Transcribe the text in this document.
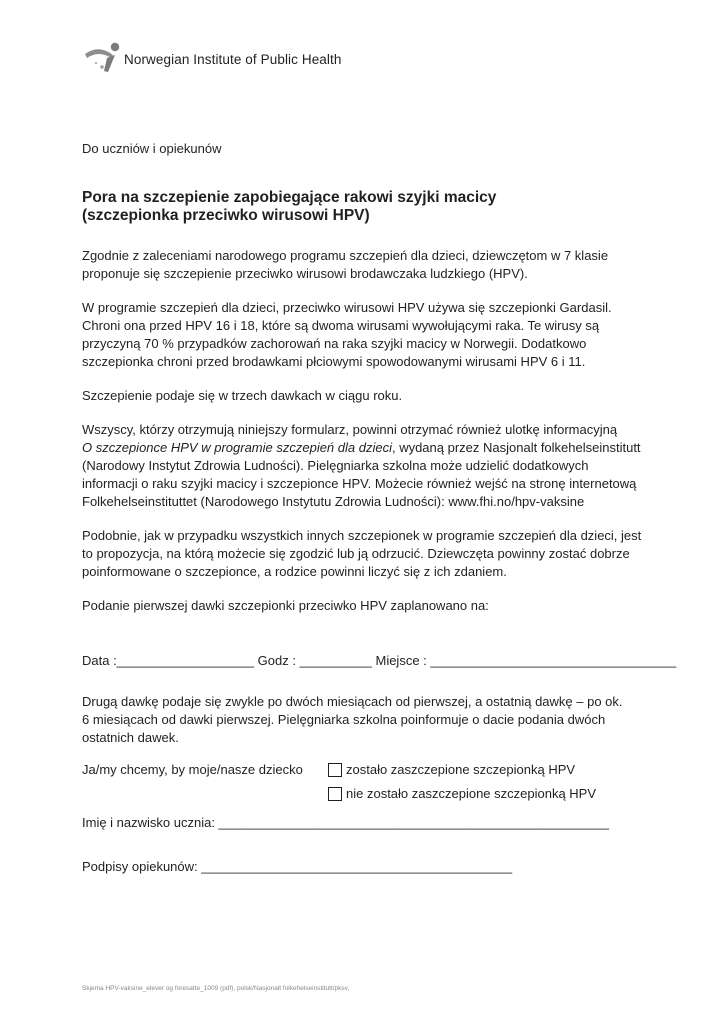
Norwegian Institute of Public Health
Do uczniów i opiekunów
Pora na szczepienie zapobiegające rakowi szyjki macicy
(szczepionka przeciwko wirusowi HPV)
Zgodnie z zaleceniami narodowego programu szczepień dla dzieci, dziewczętom w 7 klasie
proponuje się szczepienie przeciwko wirusowi brodawczaka ludzkiego (HPV).
W programie szczepień dla dzieci, przeciwko wirusowi HPV używa się szczepionki Gardasil.
Chroni ona przed HPV 16 i 18, które są dwoma wirusami wywołującymi raka. Te wirusy są
przyczyną 70 % przypadków zachorowań na raka szyjki macicy w Norwegii. Dodatkowo
szczepionka chroni przed brodawkami płciowymi spowodowanymi wirusami HPV 6 i 11.
Szczepienie podaje się w trzech dawkach w ciągu roku.
Wszyscy, którzy otrzymują niniejszy formularz, powinni otrzymać również ulotkę informacyjną
O szczepionce HPV w programie szczepień dla dzieci, wydaną przez Nasjonalt folkehelseinstitutt
(Narodowy Instytut Zdrowia Ludności). Pielęgniarka szkolna może udzielić dodatkowych
informacji o raku szyjki macicy i szczepionce HPV. Możecie również wejść na stronę internetową
Folkehelseinstituttet (Narodowego Instytutu Zdrowia Ludności): www.fhi.no/hpv-vaksine
Podobnie, jak w przypadku wszystkich innych szczepionek w programie szczepień dla dzieci, jest
to propozycja, na którą możecie się zgodzić lub ją odrzucić. Dziewczęta powinny zostać dobrze
poinformowane o szczepionce, a rodzice powinni liczyć się z ich zdaniem.
Podanie pierwszej dawki szczepionki przeciwko HPV zaplanowano na:
Data :___________________ Godz : __________ Miejsce : __________________________________
Drugą dawkę podaje się zwykle po dwóch miesiącach od pierwszej, a ostatnią dawkę – po ok.
6 miesiącach od dawki pierwszej. Pielęgniarka szkolna poinformuje o dacie podania dwóch
ostatnich dawek.
Ja/my chcemy, by moje/nasze dziecko	zostało zaszczepione szczepionką HPV
nie zostało zaszczepione szczepionką HPV
Imię i nazwisko ucznia: ______________________________________________________
Podpisy opiekunów: ___________________________________________
Skjema HPV-vaksine_elever og foresatte_1009 (pdf), polsk/Nasjonalt folkehelseinstitutt/pksv,
